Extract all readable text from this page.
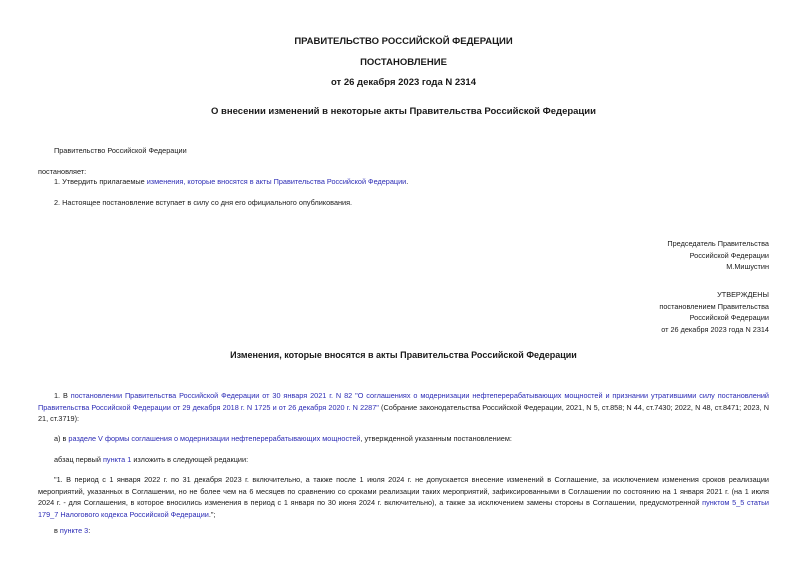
ПРАВИТЕЛЬСТВО РОССИЙСКОЙ ФЕДЕРАЦИИ
ПОСТАНОВЛЕНИЕ
от 26 декабря 2023 года N 2314
О внесении изменений в некоторые акты Правительства Российской Федерации
Правительство Российской Федерации
постановляет:
1. Утвердить прилагаемые изменения, которые вносятся в акты Правительства Российской Федерации.
2. Настоящее постановление вступает в силу со дня его официального опубликования.
Председатель Правительства
Российской Федерации
М.Мишустин
УТВЕРЖДЕНЫ
постановлением Правительства
Российской Федерации
от 26 декабря 2023 года N 2314
Изменения, которые вносятся в акты Правительства Российской Федерации
1. В постановлении Правительства Российской Федерации от 30 января 2021 г. N 82 "О соглашениях о модернизации нефтеперерабатывающих мощностей и признании утратившими силу постановлений Правительства Российской Федерации от 29 декабря 2018 г. N 1725 и от 26 декабря 2020 г. N 2287" (Собрание законодательства Российской Федерации, 2021, N 5, ст.858; N 44, ст.7430; 2022, N 48, ст.8471; 2023, N 21, ст.3719):
а) в разделе V формы соглашения о модернизации нефтеперерабатывающих мощностей, утвержденной указанным постановлением:
абзац первый пункта 1 изложить в следующей редакции:
"1. В период с 1 января 2022 г. по 31 декабря 2023 г. включительно, а также после 1 июля 2024 г. не допускается внесение изменений в Соглашение, за исключением изменения сроков реализации мероприятий, указанных в Соглашении, но не более чем на 6 месяцев по сравнению со сроками реализации таких мероприятий, зафиксированными в Соглашении по состоянию на 1 января 2021 г. (на 1 июля 2024 г. - для Соглашения, в которое вносились изменения в период с 1 января по 30 июня 2024 г. включительно), а также за исключением замены стороны в Соглашении, предусмотренной пунктом 5_5 статьи 179_7 Налогового кодекса Российской Федерации.";
в пункте 3:
